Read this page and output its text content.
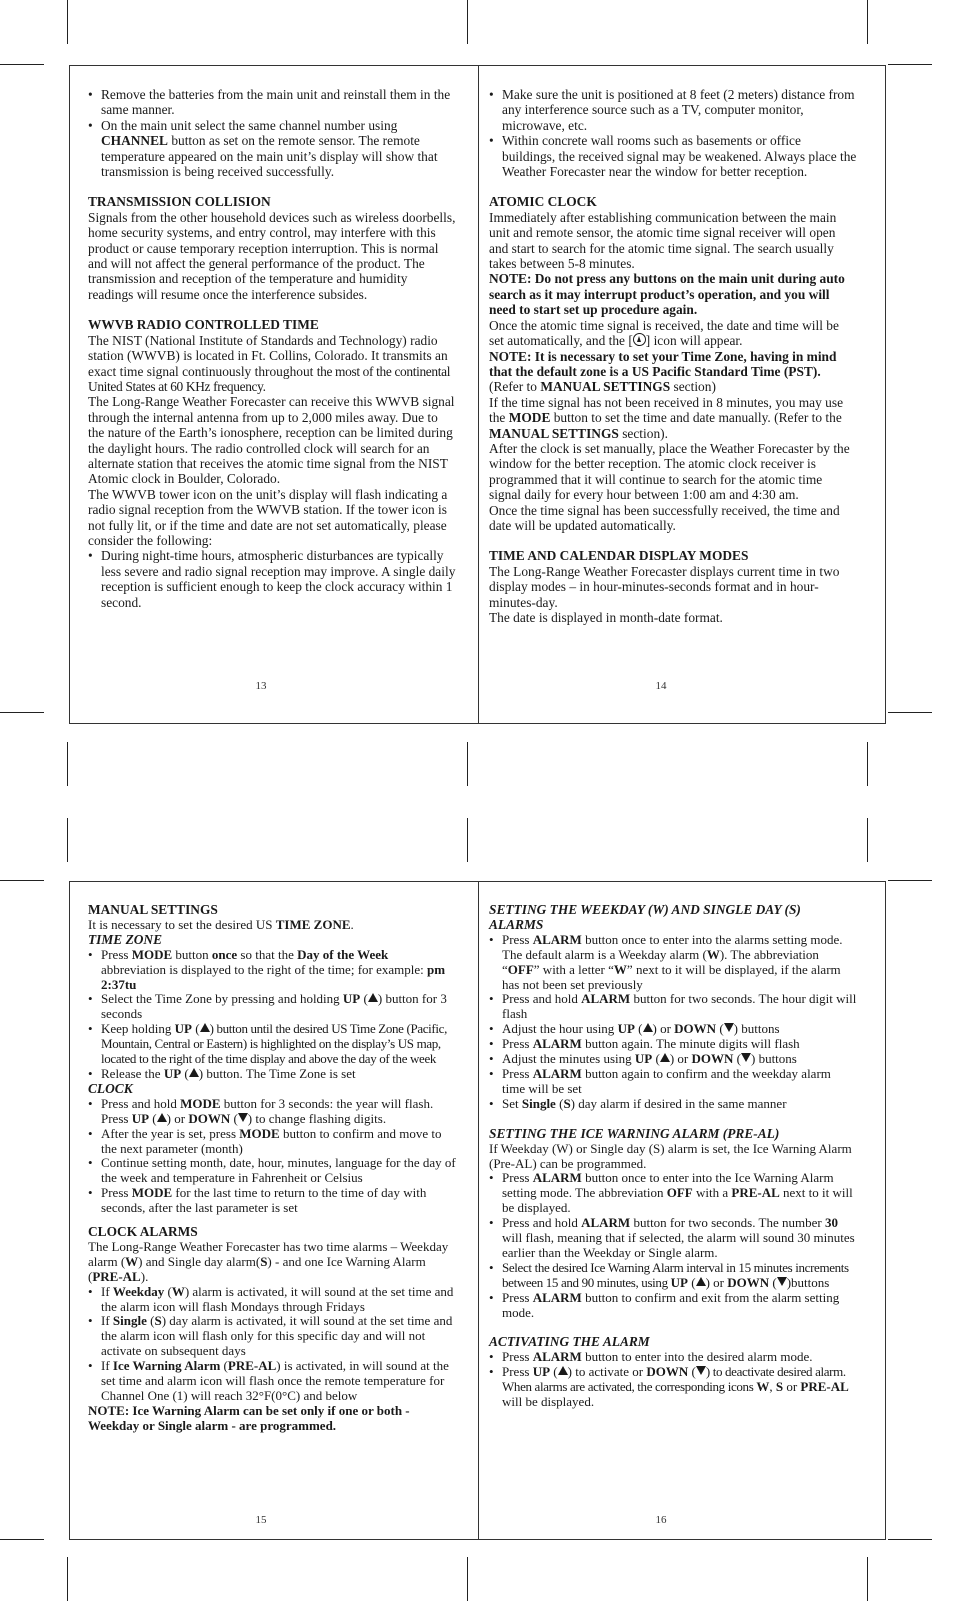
• Remove the batteries from the main unit and reinstall them in the same manner.
• On the main unit select the same channel number using CHANNEL button as set on the remote sensor. The remote temperature appeared on the main unit’s display will show that transmission is being received successfully.
TRANSMISSION COLLISION

Signals from the other household devices such as wireless doorbells, home security systems, and entry control, may interfere with this product or cause temporary reception interruption. This is normal and will not affect the general performance of the product. The transmission and reception of the temperature and humidity readings will resume once the interference subsides.

WWVB RADIO CONTROLLED TIME

The NIST (National Institute of Standards and Technology) radio station (WWVB) is located in Ft. Collins, Colorado. It transmits an exact time signal continuously throughout the most of the continental United States at 60 KHz frequency.

The Long-Range Weather Forecaster can receive this WWVB signal through the internal antenna from up to 2,000 miles away. Due to the nature of the Earth’s ionosphere, reception can be limited during the daylight hours. The radio controlled clock will search for an alternate station that receives the atomic time signal from the NIST Atomic clock in Boulder, Colorado.

The WWVB tower icon on the unit’s display will flash indicating a radio signal reception from the WWVB station. If the tower icon is not fully lit, or if the time and date are not set automatically, please consider the following:

• During night-time hours, atmospheric disturbances are typically less severe and radio signal reception may improve. A single daily reception is sufficient enough to keep the clock accuracy within 1 second.
13
• Make sure the unit is positioned at 8 feet (2 meters) distance from any interference source such as a TV, computer monitor, microwave, etc.
• Within concrete wall rooms such as basements or office buildings, the received signal may be weakened. Always place the Weather Forecaster near the window for better reception.
ATOMIC CLOCK

Immediately after establishing communication between the main unit and remote sensor, the atomic time signal receiver will open and start to search for the atomic time signal. The search usually takes between 5-8 minutes.

NOTE: Do not press any buttons on the main unit during auto search as it may interrupt product’s operation, and you will need to start set up procedure again.

Once the atomic time signal is received, the date and time will be set automatically, and the [ ] icon will appear.

NOTE: It is necessary to set your Time Zone, having in mind that the default zone is a US Pacific Standard Time (PST). (Refer to MANUAL SETTINGS section)

If the time signal has not been received in 8 minutes, you may use the MODE button to set the time and date manually. (Refer to the MANUAL SETTINGS section).

After the clock is set manually, place the Weather Forecaster by the window for the better reception. The atomic clock receiver is programmed that it will continue to search for the atomic time signal daily for every hour between 1:00 am and 4:30 am.

Once the time signal has been successfully received, the time and date will be updated automatically.

TIME AND CALENDAR DISPLAY MODES

The Long-Range Weather Forecaster displays current time in two display modes – in hour-minutes-seconds format and in hour-minutes-day.

The date is displayed in month-date format.

14
MANUAL SETTINGS

It is necessary to set the desired US TIME ZONE.

TIME ZONE
• Press MODE button once so that the Day of the Week abbreviation is displayed to the right of the time; for example: pm 2:37tu
• Select the Time Zone by pressing and holding UP ( ) button for 3 seconds
• Keep holding UP ( ) button until the desired US Time Zone (Pacific, Mountain, Central or Eastern) is highlighted on the display’s US map, located to the right of the time display and above the day of the week
• Release the UP ( ) button. The Time Zone is set
CLOCK
• Press and hold MODE button for 3 seconds: the year will flash. Press UP ( ) or DOWN ( ) to change flashing digits.
• After the year is set, press MODE button to confirm and move to the next parameter (month)
• Continue setting month, date, hour, minutes, language for the day of the week and temperature in Fahrenheit or Celsius
• Press MODE for the last time to return to the time of day with seconds, after the last parameter is set
CLOCK ALARMS

The Long-Range Weather Forecaster has two time alarms – Weekday alarm (W) and Single day alarm(S) - and one Ice Warning Alarm (PRE-AL).

• If Weekday (W) alarm is activated, it will sound at the set time and the alarm icon will flash Mondays through Fridays
• If Single (S) day alarm is activated, it will sound at the set time and the alarm icon will flash only for this specific day and will not activate on subsequent days
• If Ice Warning Alarm (PRE-AL) is activated, in will sound at the set time and alarm icon will flash once the remote temperature for Channel One (1) will reach 32°F(0°C) and below

NOTE: Ice Warning Alarm can be set only if one or both - Weekday or Single alarm - are programmed.

15
SETTING THE WEEKDAY (W) AND SINGLE DAY (S) ALARMS
• Press ALARM button once to enter into the alarms setting mode. The default alarm is a Weekday alarm (W). The abbreviation “OFF” with a letter “W” next to it will be displayed, if the alarm has not been set previously
• Press and hold ALARM button for two seconds. The hour digit will flash
• Adjust the hour using UP ( ) or DOWN ( ) buttons
• Press ALARM button again. The minute digits will flash
• Adjust the minutes using UP ( ) or DOWN ( ) buttons
• Press ALARM button again to confirm and the weekday alarm time will be set
• Set Single (S) day alarm if desired in the same manner
SETTING THE ICE WARNING ALARM (PRE-AL)

If Weekday (W) or Single day (S) alarm is set, the Ice Warning Alarm (Pre-AL) can be programmed.

• Press ALARM button once to enter into the Ice Warning Alarm setting mode. The abbreviation OFF with a PRE-AL next to it will be displayed.
• Press and hold ALARM button for two seconds. The number 30 will flash, meaning that if selected, the alarm will sound 30 minutes earlier than the Weekday or Single alarm.
• Select the desired Ice Warning Alarm interval in 15 minutes increments between 15 and 90 minutes, using UP ( ) or DOWN ( )buttons
• Press ALARM button to confirm and exit from the alarm setting mode.
ACTIVATING THE ALARM
• Press ALARM button to enter into the desired alarm mode.
• Press UP ( ) to activate or DOWN ( ) to deactivate desired alarm. When alarms are activated, the corresponding icons W, S or PRE-AL will be displayed.
16
